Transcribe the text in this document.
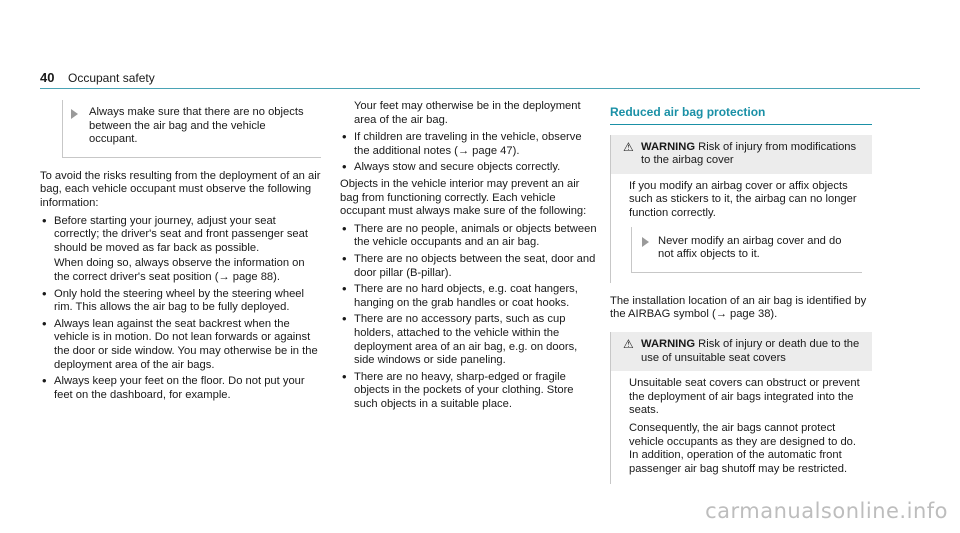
40 Occupant safety
Always make sure that there are no objects between the air bag and the vehicle occupant.

To avoid the risks resulting from the deployment of an air bag, each vehicle occupant must observe the following information:

• Before starting your journey, adjust your seat correctly; the driver's seat and front passenger seat should be moved as far back as possible.
When doing so, always observe the information on the correct driver's seat position (→ page 88).
• Only hold the steering wheel by the steering wheel rim. This allows the air bag to be fully deployed.
• Always lean against the seat backrest when the vehicle is in motion. Do not lean forwards or against the door or side window. You may otherwise be in the deployment area of the air bags.
• Always keep your feet on the floor. Do not put your feet on the dashboard, for example.

Your feet may otherwise be in the deployment area of the air bag.

• If children are traveling in the vehicle, observe the additional notes (→ page 47).
• Always stow and secure objects correctly.

Objects in the vehicle interior may prevent an air bag from functioning correctly. Each vehicle occupant must always make sure of the following:

• There are no people, animals or objects between the vehicle occupants and an air bag.
• There are no objects between the seat, door and door pillar (B-pillar).
• There are no hard objects, e.g. coat hangers, hanging on the grab handles or coat hooks.
• There are no accessory parts, such as cup holders, attached to the vehicle within the deployment area of an air bag, e.g. on doors, side windows or side paneling.
• There are no heavy, sharp-edged or fragile objects in the pockets of your clothing. Store such objects in a suitable place.
Reduced air bag protection
⚠ WARNING Risk of injury from modifications to the airbag cover

If you modify an airbag cover or affix objects such as stickers to it, the airbag can no longer function correctly.

Never modify an airbag cover and do not affix objects to it.

The installation location of an air bag is identified by the AIRBAG symbol (→ page 38).

⚠ WARNING Risk of injury or death due to the use of unsuitable seat covers

Unsuitable seat covers can obstruct or prevent the deployment of air bags integrated into the seats.

Consequently, the air bags cannot protect vehicle occupants as they are designed to do. In addition, operation of the automatic front passenger air bag shutoff may be restricted.

carmanualsonline.info
